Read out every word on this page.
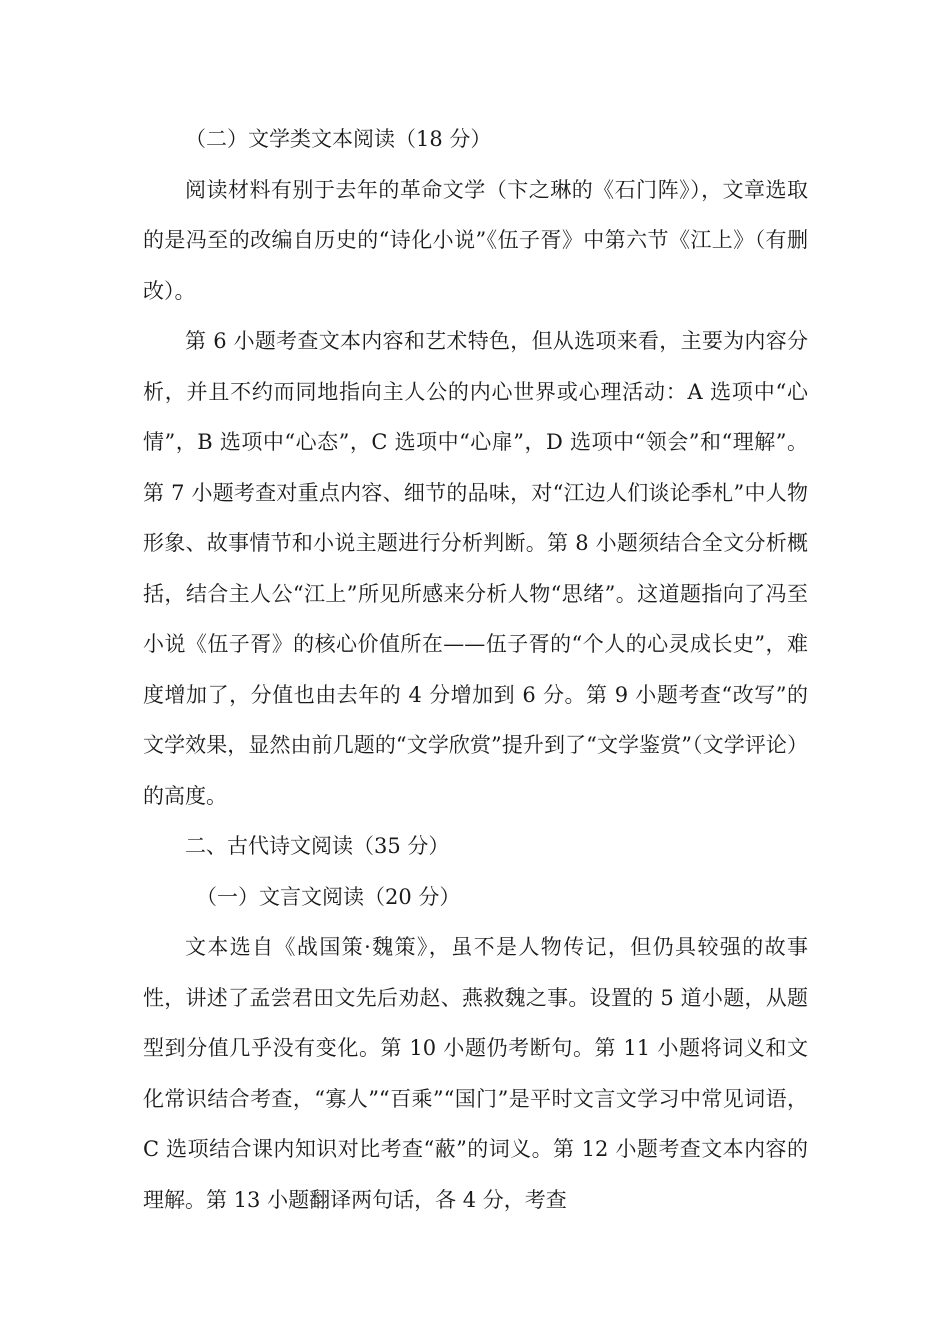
（二）文学类文本阅读（18 分）

阅读材料有别于去年的革命文学（卞之琳的《石门阵》），文章选取的是冯至的改编自历史的“诗化小说”《伍子胥》中第六节《江上》（有删改）。

第 6 小题考查文本内容和艺术特色，但从选项来看，主要为内容分析，并且不约而同地指向主人公的内心世界或心理活动：A 选项中“心情”，B 选项中“心态”，C 选项中“心扉”，D 选项中“领会”和“理解”。第 7 小题考查对重点内容、细节的品味，对“江边人们谈论季札”中人物形象、故事情节和小说主题进行分析判断。第 8 小题须结合全文分析概括，结合主人公“江上”所见所感来分析人物“思绪”。这道题指向了冯至小说《伍子胥》的核心价值所在——伍子胥的“个人的心灵成长史”，难度增加了，分值也由去年的 4 分增加到 6 分。第 9 小题考查“改写”的文学效果，显然由前几题的“文学欣赏”提升到了“文学鉴赏”（文学评论）的高度。

二、古代诗文阅读（35 分）

（一）文言文阅读（20 分）

文本选自《战国策·魏策》，虽不是人物传记，但仍具较强的故事性，讲述了孟尝君田文先后劝赵、燕救魏之事。设置的 5 道小题，从题型到分值几乎没有变化。第 10 小题仍考断句。第 11 小题将词义和文化常识结合考查，“寡人”“百乘”“国门”是平时文言文学习中常见词语，C 选项结合课内知识对比考查“蔽”的词义。第 12 小题考查文本内容的理解。第 13 小题翻译两句话，各 4 分，考查
